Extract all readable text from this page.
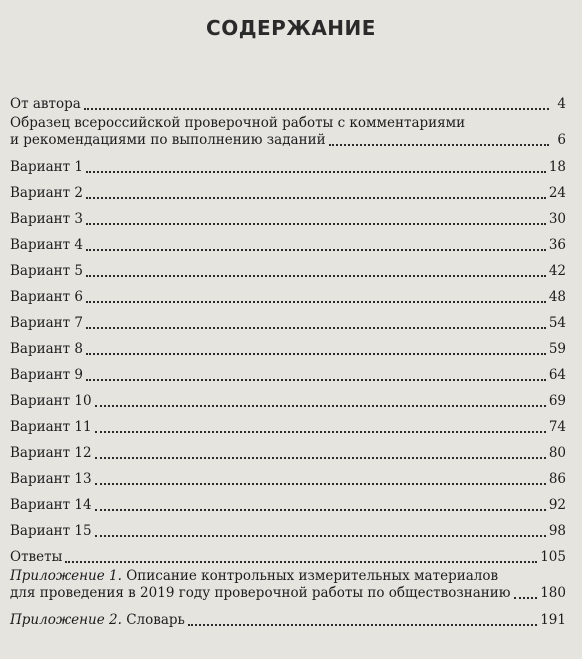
СОДЕРЖАНИЕ
От автора	4
Образец всероссийской проверочной работы с комментариями
и рекомендациями по выполнению заданий	6
Вариант 1	18
Вариант 2	24
Вариант 3	30
Вариант 4	36
Вариант 5	42
Вариант 6	48
Вариант 7	54
Вариант 8	59
Вариант 9	64
Вариант 10	69
Вариант 11	74
Вариант 12	80
Вариант 13	86
Вариант 14	92
Вариант 15	98
Ответы	105
Приложение 1. Описание контрольных измерительных материалов
для проведения в 2019 году проверочной работы по обществознанию 180
Приложение 2. Словарь	191
